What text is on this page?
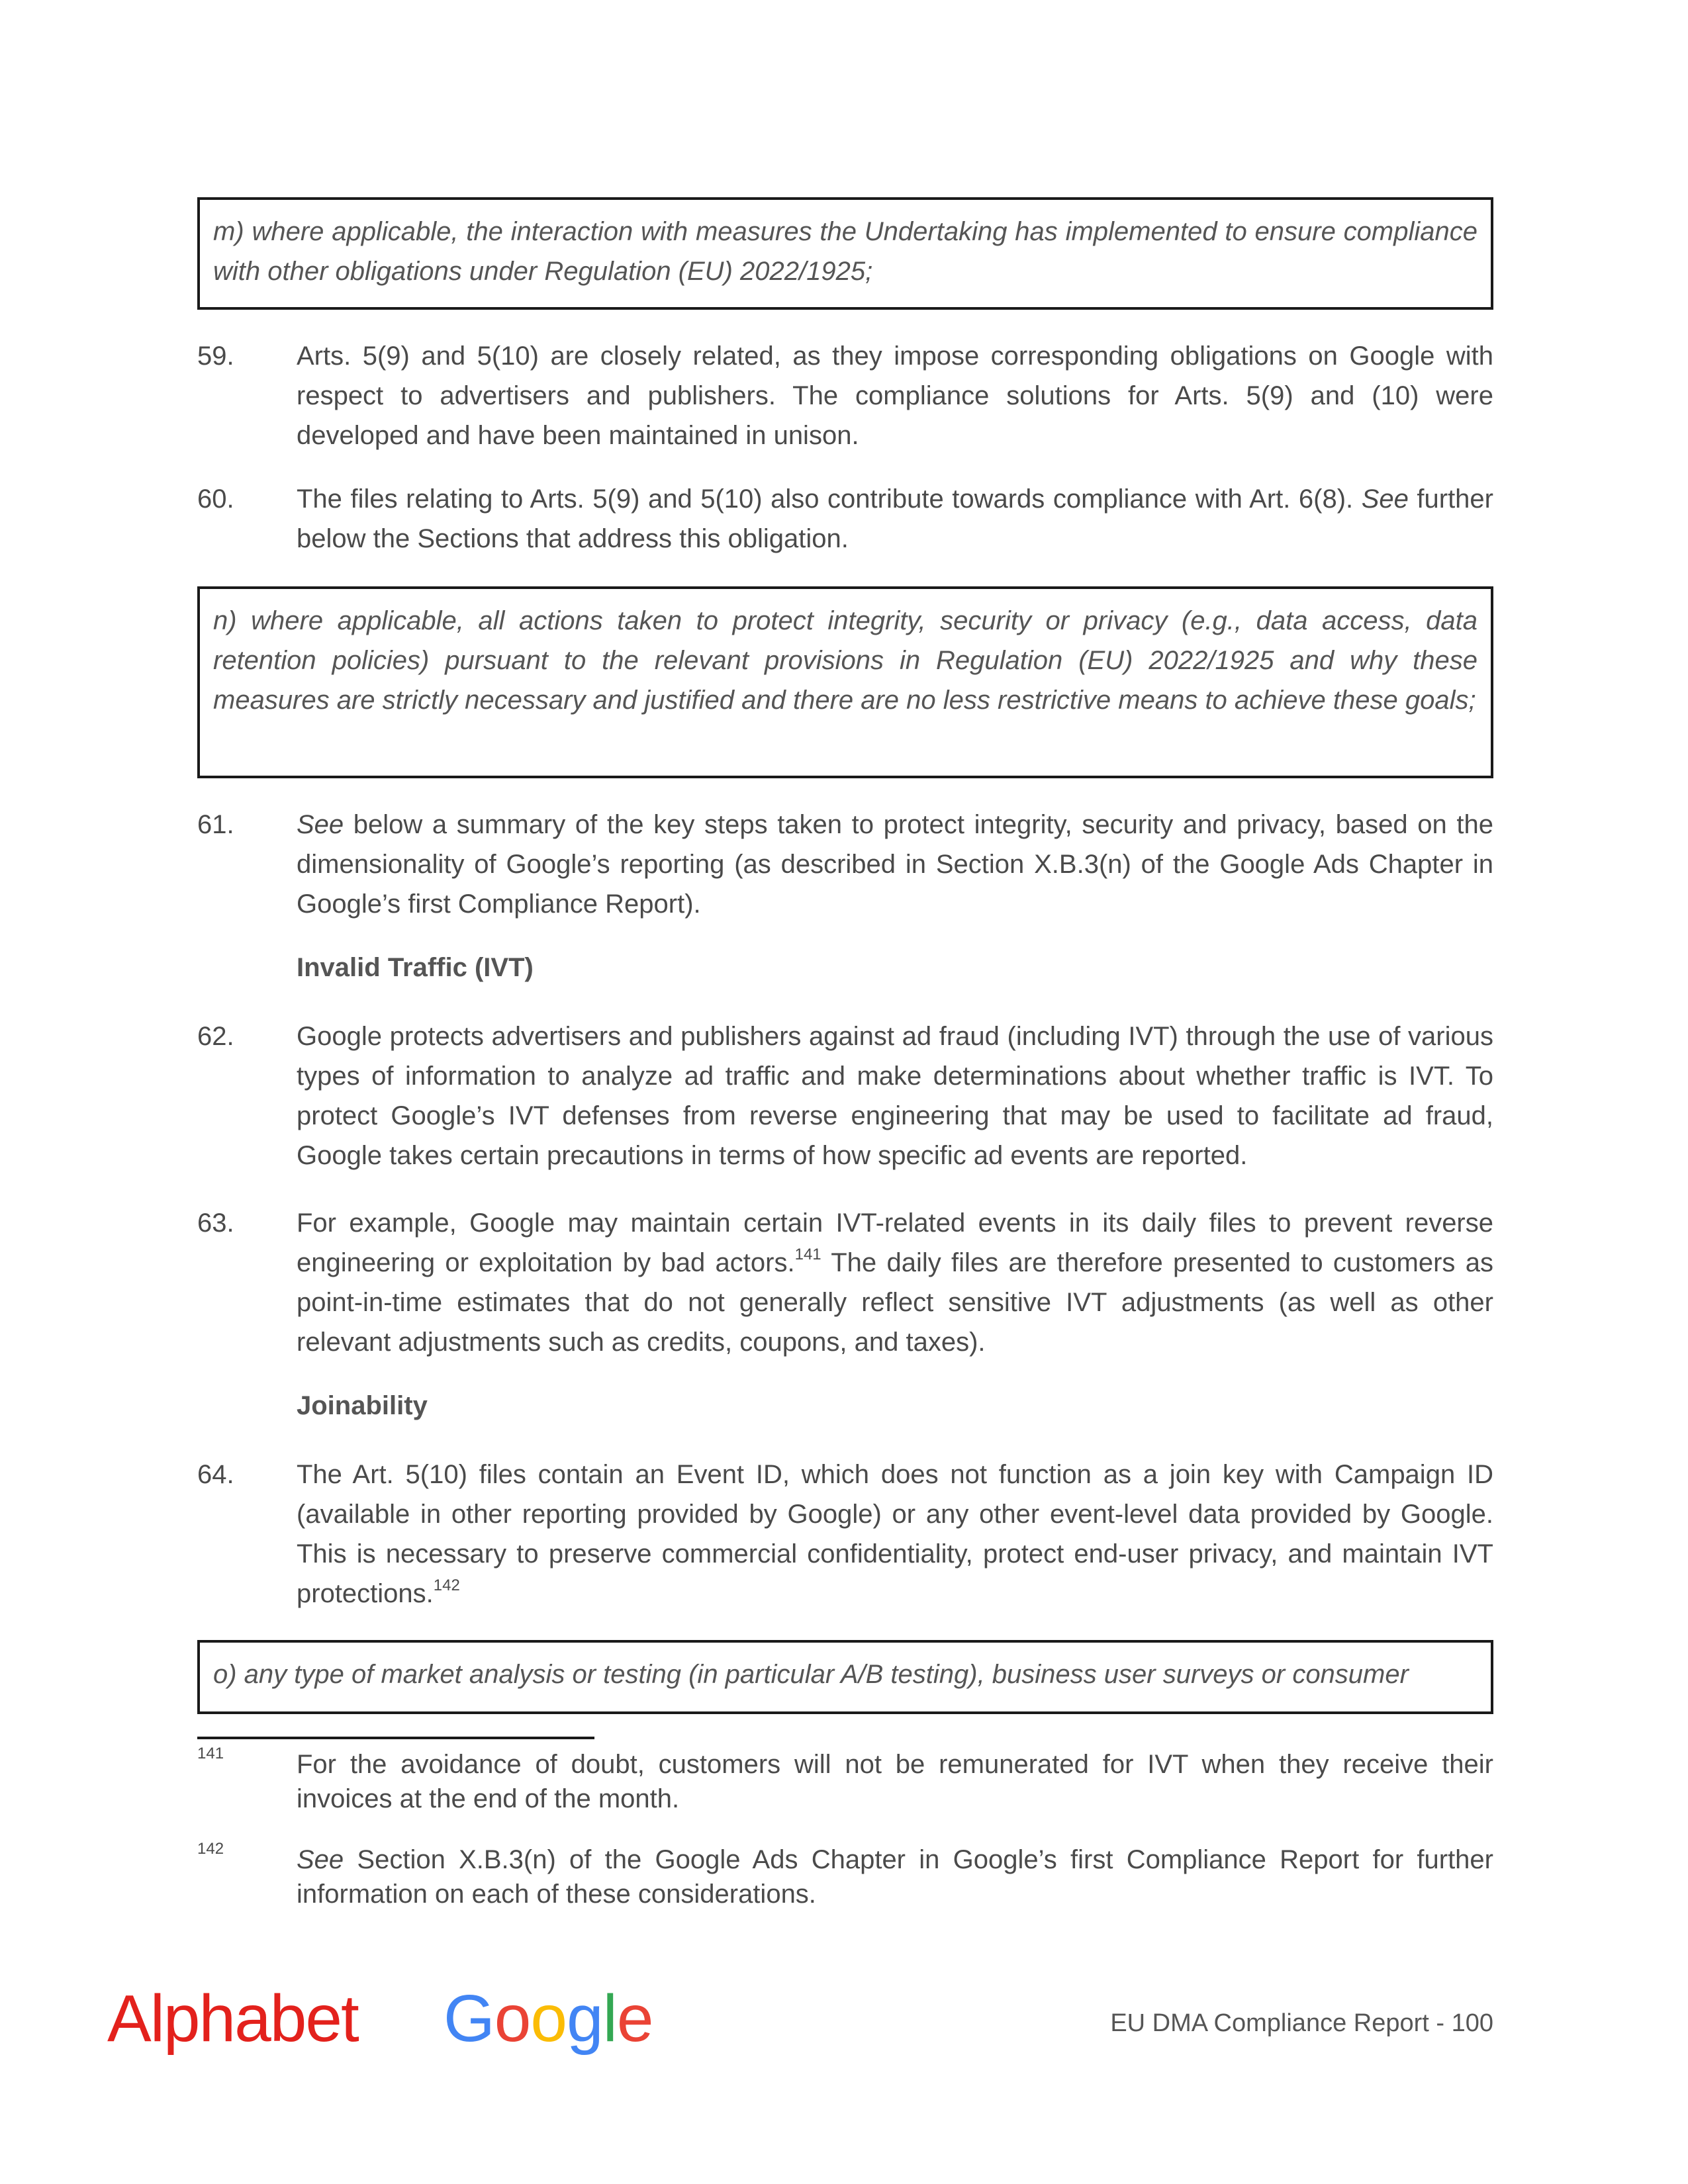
m) where applicable, the interaction with measures the Undertaking has implemented to ensure compliance with other obligations under Regulation (EU) 2022/1925;

59. Arts. 5(9) and 5(10) are closely related, as they impose corresponding obligations on Google with respect to advertisers and publishers. The compliance solutions for Arts. 5(9) and (10) were developed and have been maintained in unison.
60. The files relating to Arts. 5(9) and 5(10) also contribute towards compliance with Art. 6(8). See further below the Sections that address this obligation.

n) where applicable, all actions taken to protect integrity, security or privacy (e.g., data access, data retention policies) pursuant to the relevant provisions in Regulation (EU) 2022/1925 and why these measures are strictly necessary and justified and there are no less restrictive means to achieve these goals;

61. See below a summary of the key steps taken to protect integrity, security and privacy, based on the dimensionality of Google’s reporting (as described in Section X.B.3(n) of the Google Ads Chapter in Google’s first Compliance Report).
Invalid Traffic (IVT)
62. Google protects advertisers and publishers against ad fraud (including IVT) through the use of various types of information to analyze ad traffic and make determinations about whether traffic is IVT. To protect Google’s IVT defenses from reverse engineering that may be used to facilitate ad fraud, Google takes certain precautions in terms of how specific ad events are reported.
63. For example, Google may maintain certain IVT-related events in its daily files to prevent reverse engineering or exploitation by bad actors.$^{141}$ The daily files are therefore presented to customers as point-in-time estimates that do not generally reflect sensitive IVT adjustments (as well as other relevant adjustments such as credits, coupons, and taxes).
Joinability
64. The Art. 5(10) files contain an Event ID, which does not function as a join key with Campaign ID (available in other reporting provided by Google) or any other event-level data provided by Google. This is necessary to preserve commercial confidentiality, protect end-user privacy, and maintain IVT protections.$^{142}$

o) any type of market analysis or testing (in particular A/B testing), business user surveys or consumer

141	For the avoidance of doubt, customers will not be remunerated for IVT when they receive their invoices at the end of the month.
142	See Section X.B.3(n) of the Google Ads Chapter in Google’s first Compliance Report for further information on each of these considerations.
Alphabet Google	EU DMA Compliance Report - 100
